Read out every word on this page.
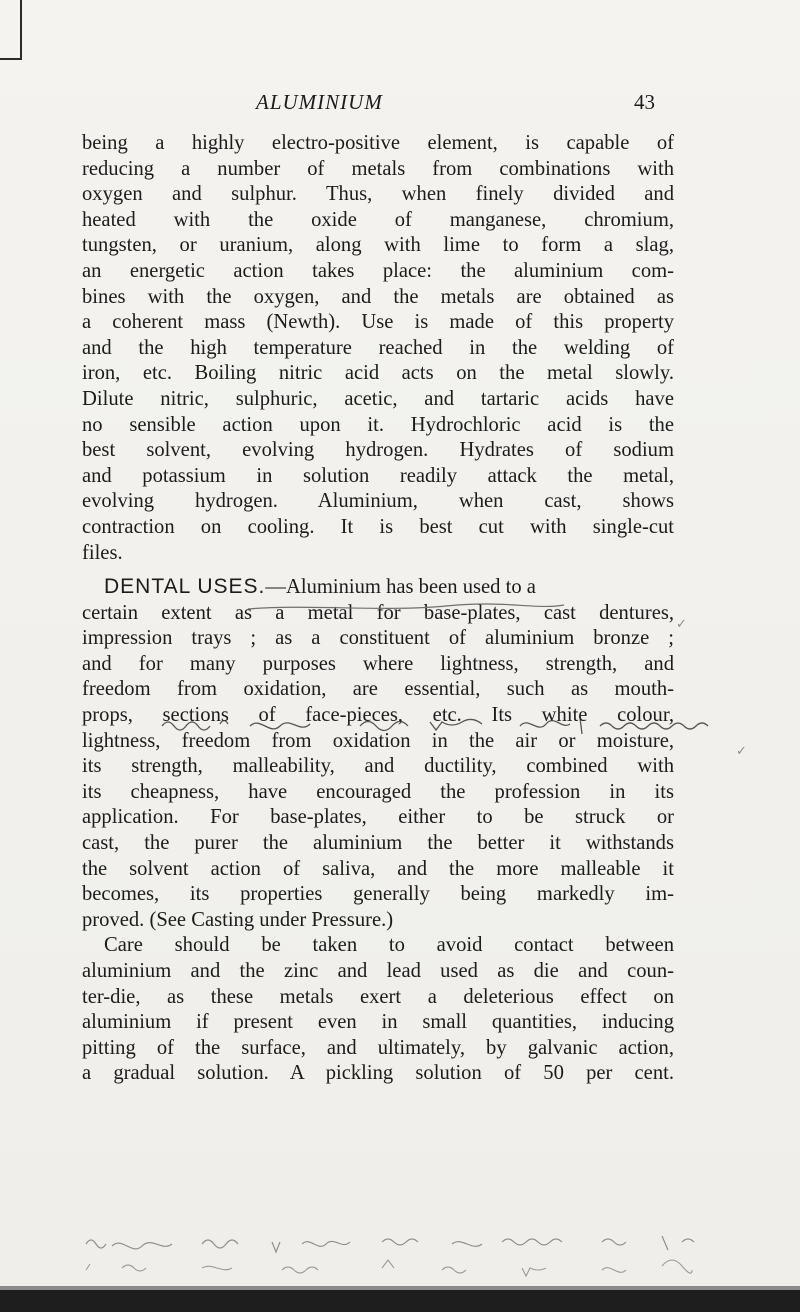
ALUMINIUM	43

being a highly electro-positive element, is capable of

reducing a number of metals from combinations with

oxygen and sulphur. Thus, when finely divided and

heated with the oxide of manganese, chromium,

tungsten, or uranium, along with lime to form a slag,

an energetic action takes place: the aluminium com-

bines with the oxygen, and the metals are obtained as

a coherent mass (Newth). Use is made of this property

and the high temperature reached in the welding of

iron, etc. Boiling nitric acid acts on the metal slowly.

Dilute nitric, sulphuric, acetic, and tartaric acids have

no sensible action upon it. Hydrochloric acid is the

best solvent, evolving hydrogen. Hydrates of sodium

and potassium in solution readily attack the metal,

evolving hydrogen. Aluminium, when cast, shows

contraction on cooling. It is best cut with single-cut

files.

DENTAL USES.—Aluminium has been used to a

certain extent as a metal for base-plates, cast dentures,

impression trays ; as a constituent of aluminium bronze ;

and for many purposes where lightness, strength, and

freedom from oxidation, are essential, such as mouth-

props, sections of face-pieces, etc. Its white colour,

lightness, freedom from oxidation in the air or moisture,

its strength, malleability, and ductility, combined with

its cheapness, have encouraged the profession in its

application. For base-plates, either to be struck or

cast, the purer the aluminium the better it withstands

the solvent action of saliva, and the more malleable it

becomes, its properties generally being markedly im-

proved. (See Casting under Pressure.)

Care should be taken to avoid contact between

aluminium and the zinc and lead used as die and coun-

ter-die, as these metals exert a deleterious effect on

aluminium if present even in small quantities, inducing

pitting of the surface, and ultimately, by galvanic action,

a gradual solution. A pickling solution of 50 per cent.

✓
✓
